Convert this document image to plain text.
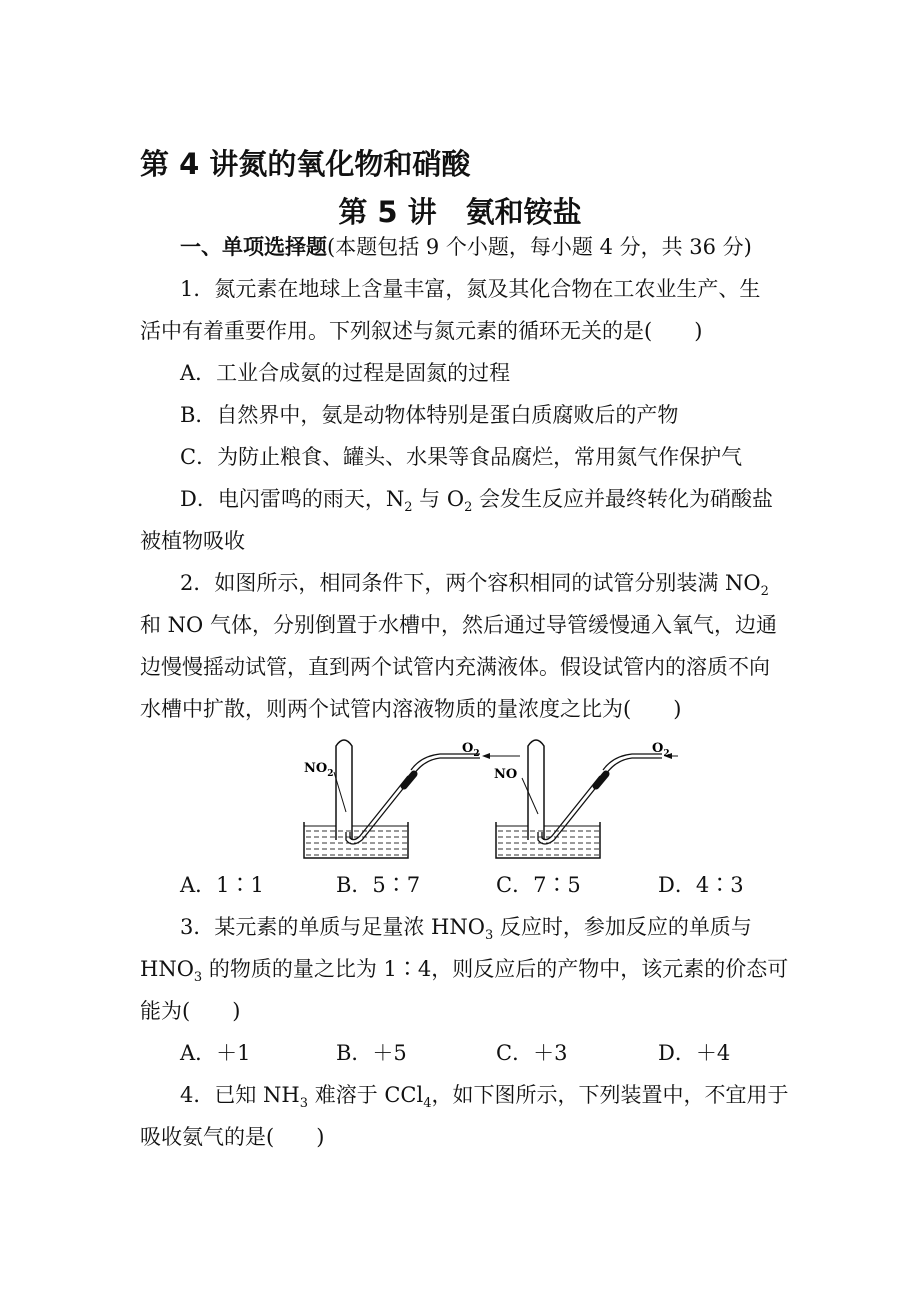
第 4 讲氮的氧化物和硝酸
第 5 讲　氨和铵盐
一、单项选择题(本题包括 9 个小题，每小题 4 分，共 36 分)
1．氮元素在地球上含量丰富，氮及其化合物在工农业生产、生
活中有着重要作用。下列叙述与氮元素的循环无关的是(　　)
A．工业合成氨的过程是固氮的过程
B．自然界中，氨是动物体特别是蛋白质腐败后的产物
C．为防止粮食、罐头、水果等食品腐烂，常用氮气作保护气
D．电闪雷鸣的雨天，$N_2$ 与 $O_2$ 会发生反应并最终转化为硝酸盐
被植物吸收
2．如图所示，相同条件下，两个容积相同的试管分别装满 $NO_2$
和 NO 气体，分别倒置于水槽中，然后通过导管缓慢通入氧气，边通
边慢慢摇动试管，直到两个试管内充满液体。假设试管内的溶质不向
水槽中扩散，则两个试管内溶液物质的量浓度之比为(　　)
$NO_2$
$O_2$
NO
$O_2$
A．1∶1	B．5∶7	C．7∶5	D．4∶3
3．某元素的单质与足量浓 $HNO_3$ 反应时，参加反应的单质与
$HNO_3$ 的物质的量之比为 1∶4，则反应后的产物中，该元素的价态可
能为(　　)
A．＋1	B．＋5	C．＋3	D．＋4
4．已知 $NH_3$ 难溶于 CCl$_4$，如下图所示，下列装置中，不宜用于
吸收氨气的是(　　)
